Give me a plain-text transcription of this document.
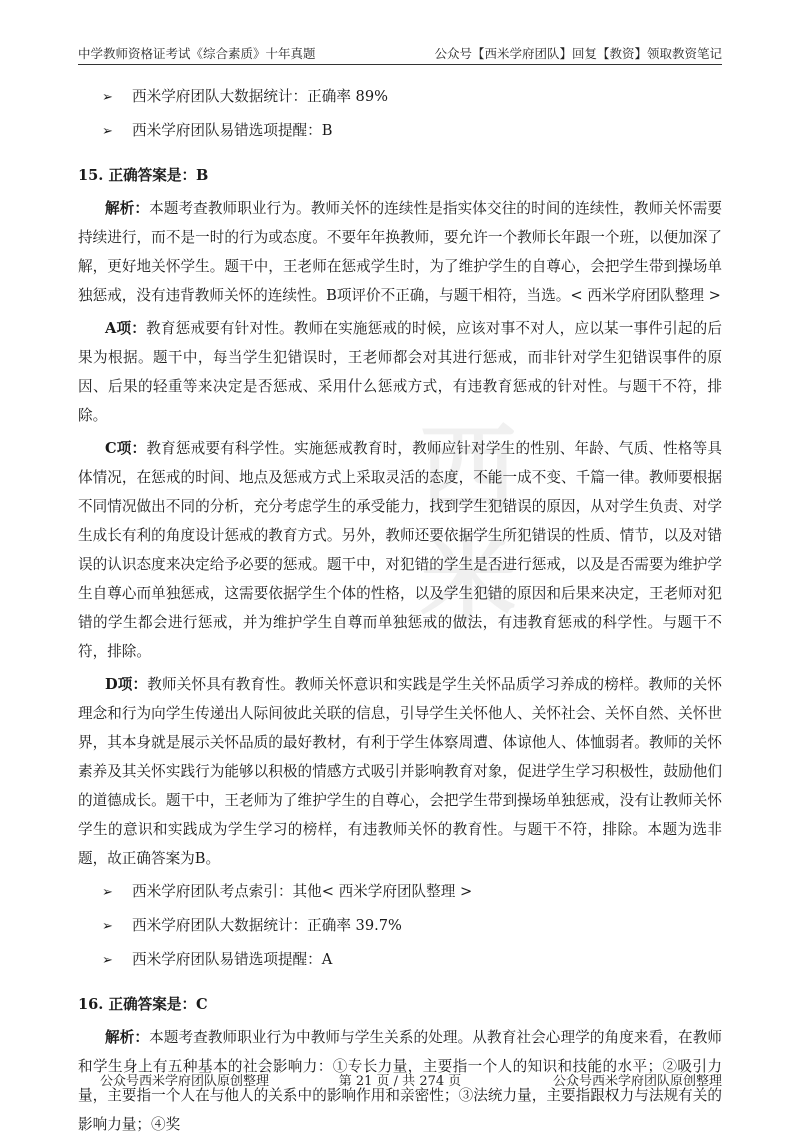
中学教师资格证考试《综合素质》十年真题	公众号【西米学府团队】回复【教资】领取教资笔记
西米
➢	西米学府团队大数据统计：正确率 89%
➢	西米学府团队易错选项提醒：B
15. 正确答案是：B
解析：本题考查教师职业行为。教师关怀的连续性是指实体交往的时间的连续性，教师关怀需要持续进行，而不是一时的行为或态度。不要年年换教师，要允许一个教师长年跟一个班，以便加深了解，更好地关怀学生。题干中，王老师在惩戒学生时，为了维护学生的自尊心，会把学生带到操场单独惩戒，没有违背教师关怀的连续性。B项评价不正确，与题干相符，当选。< 西米学府团队整理 >
A项：教育惩戒要有针对性。教师在实施惩戒的时候，应该对事不对人，应以某一事件引起的后果为根据。题干中，每当学生犯错误时，王老师都会对其进行惩戒，而非针对学生犯错误事件的原因、后果的轻重等来决定是否惩戒、采用什么惩戒方式，有违教育惩戒的针对性。与题干不符，排除。
C项：教育惩戒要有科学性。实施惩戒教育时，教师应针对学生的性别、年龄、气质、性格等具体情况，在惩戒的时间、地点及惩戒方式上采取灵活的态度，不能一成不变、千篇一律。教师要根据不同情况做出不同的分析，充分考虑学生的承受能力，找到学生犯错误的原因，从对学生负责、对学生成长有利的角度设计惩戒的教育方式。另外，教师还要依据学生所犯错误的性质、情节，以及对错误的认识态度来决定给予必要的惩戒。题干中，对犯错的学生是否进行惩戒，以及是否需要为维护学生自尊心而单独惩戒，这需要依据学生个体的性格，以及学生犯错的原因和后果来决定，王老师对犯错的学生都会进行惩戒，并为维护学生自尊而单独惩戒的做法，有违教育惩戒的科学性。与题干不符，排除。
D项：教师关怀具有教育性。教师关怀意识和实践是学生关怀品质学习养成的榜样。教师的关怀理念和行为向学生传递出人际间彼此关联的信息，引导学生关怀他人、关怀社会、关怀自然、关怀世界，其本身就是展示关怀品质的最好教材，有利于学生体察周遭、体谅他人、体恤弱者。教师的关怀素养及其关怀实践行为能够以积极的情感方式吸引并影响教育对象，促进学生学习积极性，鼓励他们的道德成长。题干中，王老师为了维护学生的自尊心，会把学生带到操场单独惩戒，没有让教师关怀学生的意识和实践成为学生学习的榜样，有违教师关怀的教育性。与题干不符，排除。本题为选非题，故正确答案为B。
➢	西米学府团队考点索引：其他< 西米学府团队整理 >
➢	西米学府团队大数据统计：正确率 39.7%
➢	西米学府团队易错选项提醒：A
16. 正确答案是：C
解析：本题考查教师职业行为中教师与学生关系的处理。从教育社会心理学的角度来看，在教师和学生身上有五种基本的社会影响力：①专长力量，主要指一个人的知识和技能的水平；②吸引力量，主要指一个人在与他人的关系中的影响作用和亲密性；③法统力量，主要指跟权力与法规有关的影响力量；④奖
公众号西米学府团队原创整理	第 21 页 / 共 274 页	公众号西米学府团队原创整理
